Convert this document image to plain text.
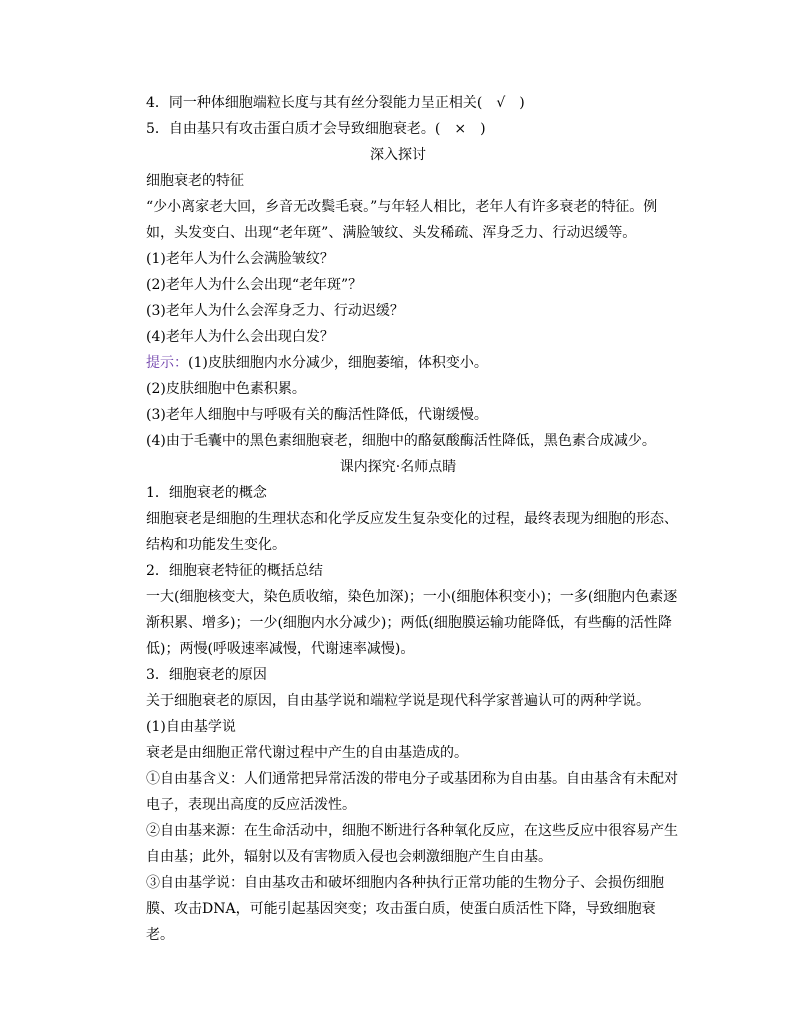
4．同一种体细胞端粒长度与其有丝分裂能力呈正相关(　√　)
5．自由基只有攻击蛋白质才会导致细胞衰老。(　×　)
深入探讨
细胞衰老的特征
“少小离家老大回，乡音无改鬓毛衰。”与年轻人相比，老年人有许多衰老的特征。例如，头发变白、出现“老年斑”、满脸皱纹、头发稀疏、浑身乏力、行动迟缓等。
(1)老年人为什么会满脸皱纹？
(2)老年人为什么会出现“老年斑”？
(3)老年人为什么会浑身乏力、行动迟缓？
(4)老年人为什么会出现白发？
提示：(1)皮肤细胞内水分减少，细胞萎缩，体积变小。
(2)皮肤细胞中色素积累。
(3)老年人细胞中与呼吸有关的酶活性降低，代谢缓慢。
(4)由于毛囊中的黑色素细胞衰老，细胞中的酪氨酸酶活性降低，黑色素合成减少。
课内探究·名师点睛
1．细胞衰老的概念
细胞衰老是细胞的生理状态和化学反应发生复杂变化的过程，最终表现为细胞的形态、结构和功能发生变化。
2．细胞衰老特征的概括总结
一大(细胞核变大，染色质收缩，染色加深)；一小(细胞体积变小)；一多(细胞内色素逐渐积累、增多)；一少(细胞内水分减少)；两低(细胞膜运输功能降低，有些酶的活性降低)；两慢(呼吸速率减慢，代谢速率减慢)。
3．细胞衰老的原因
关于细胞衰老的原因，自由基学说和端粒学说是现代科学家普遍认可的两种学说。
(1)自由基学说
衰老是由细胞正常代谢过程中产生的自由基造成的。
①自由基含义：人们通常把异常活泼的带电分子或基团称为自由基。自由基含有未配对电子，表现出高度的反应活泼性。
②自由基来源：在生命活动中，细胞不断进行各种氧化反应，在这些反应中很容易产生自由基；此外，辐射以及有害物质入侵也会刺激细胞产生自由基。
③自由基学说：自由基攻击和破坏细胞内各种执行正常功能的生物分子、会损伤细胞膜、攻击DNA，可能引起基因突变；攻击蛋白质，使蛋白质活性下降，导致细胞衰老。
